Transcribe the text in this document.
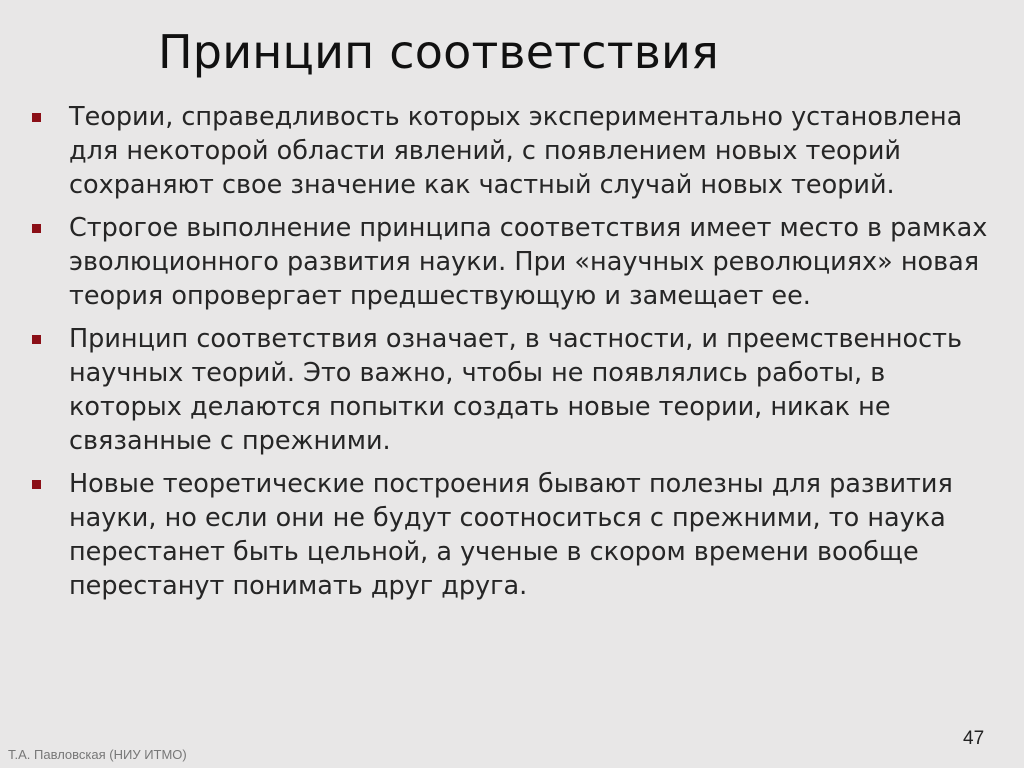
Принцип соответствия
Теории, справедливость которых экспериментально установлена для некоторой области явлений, с появлением новых теорий сохраняют свое значение как частный случай новых теорий.
Строгое выполнение принципа соответствия имеет место в рамках эволюционного развития науки. При «научных революциях» новая теория опровергает предшествующую и замещает ее.
Принцип соответствия означает, в частности, и преемственность научных теорий. Это важно, чтобы не появлялись работы, в которых делаются попытки создать новые теории, никак не связанные с прежними.
Новые теоретические построения бывают полезны для развития науки, но если они не будут соотноситься с прежними, то наука перестанет быть цельной, а ученые в скором времени вообще перестанут понимать друг друга.
Т.А. Павловская (НИУ ИТМО)
47
